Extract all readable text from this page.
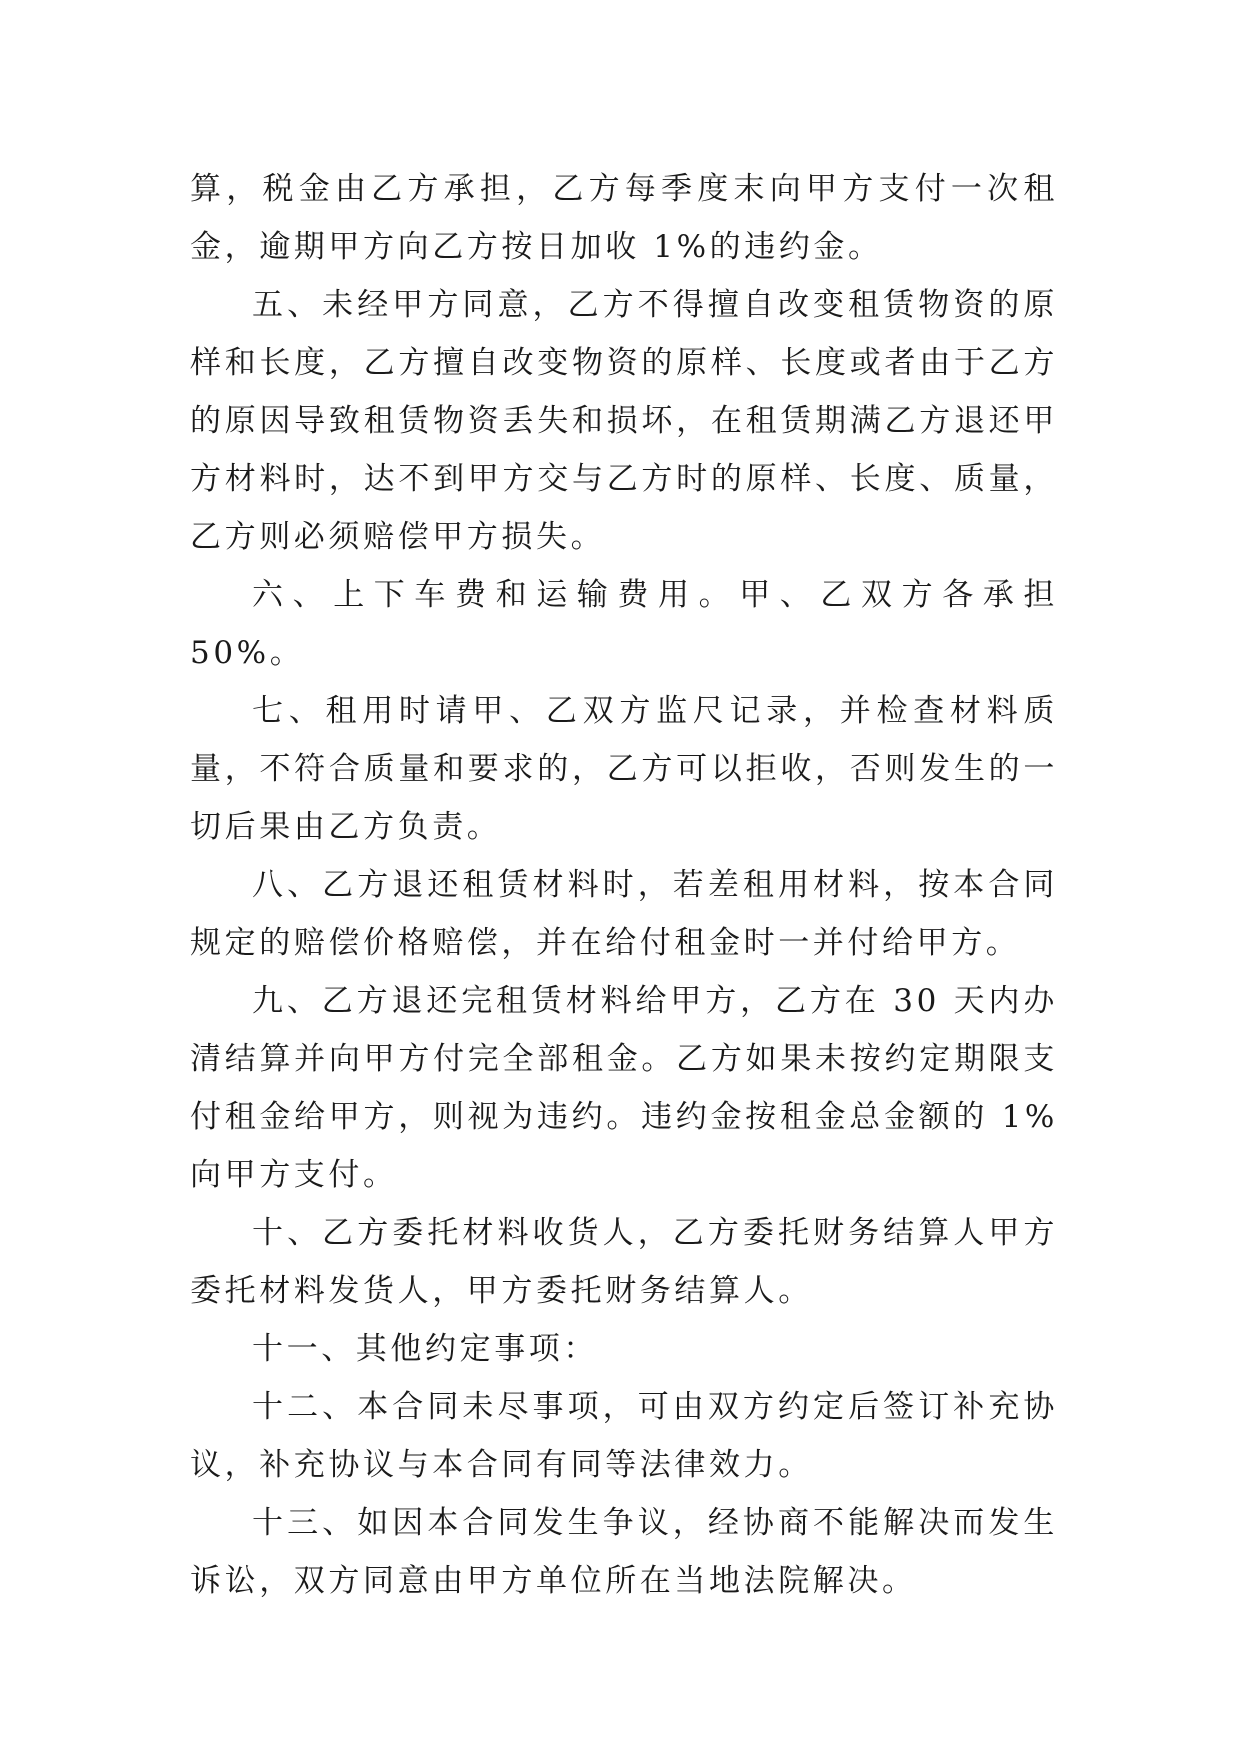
算，税金由乙方承担，乙方每季度末向甲方支付一次租金，逾期甲方向乙方按日加收 1%的违约金。

五、未经甲方同意，乙方不得擅自改变租赁物资的原样和长度，乙方擅自改变物资的原样、长度或者由于乙方的原因导致租赁物资丢失和损坏，在租赁期满乙方退还甲方材料时，达不到甲方交与乙方时的原样、长度、质量，乙方则必须赔偿甲方损失。

六、上下车费和运输费用。甲、乙双方各承担 50%。

七、租用时请甲、乙双方监尺记录，并检查材料质量，不符合质量和要求的，乙方可以拒收，否则发生的一切后果由乙方负责。

八、乙方退还租赁材料时，若差租用材料，按本合同规定的赔偿价格赔偿，并在给付租金时一并付给甲方。

九、乙方退还完租赁材料给甲方，乙方在 30 天内办清结算并向甲方付完全部租金。乙方如果未按约定期限支付租金给甲方，则视为违约。违约金按租金总金额的 1%向甲方支付。

十、乙方委托材料收货人，乙方委托财务结算人甲方委托材料发货人，甲方委托财务结算人。

十一、其他约定事项：

十二、本合同未尽事项，可由双方约定后签订补充协议，补充协议与本合同有同等法律效力。

十三、如因本合同发生争议，经协商不能解决而发生诉讼，双方同意由甲方单位所在当地法院解决。
